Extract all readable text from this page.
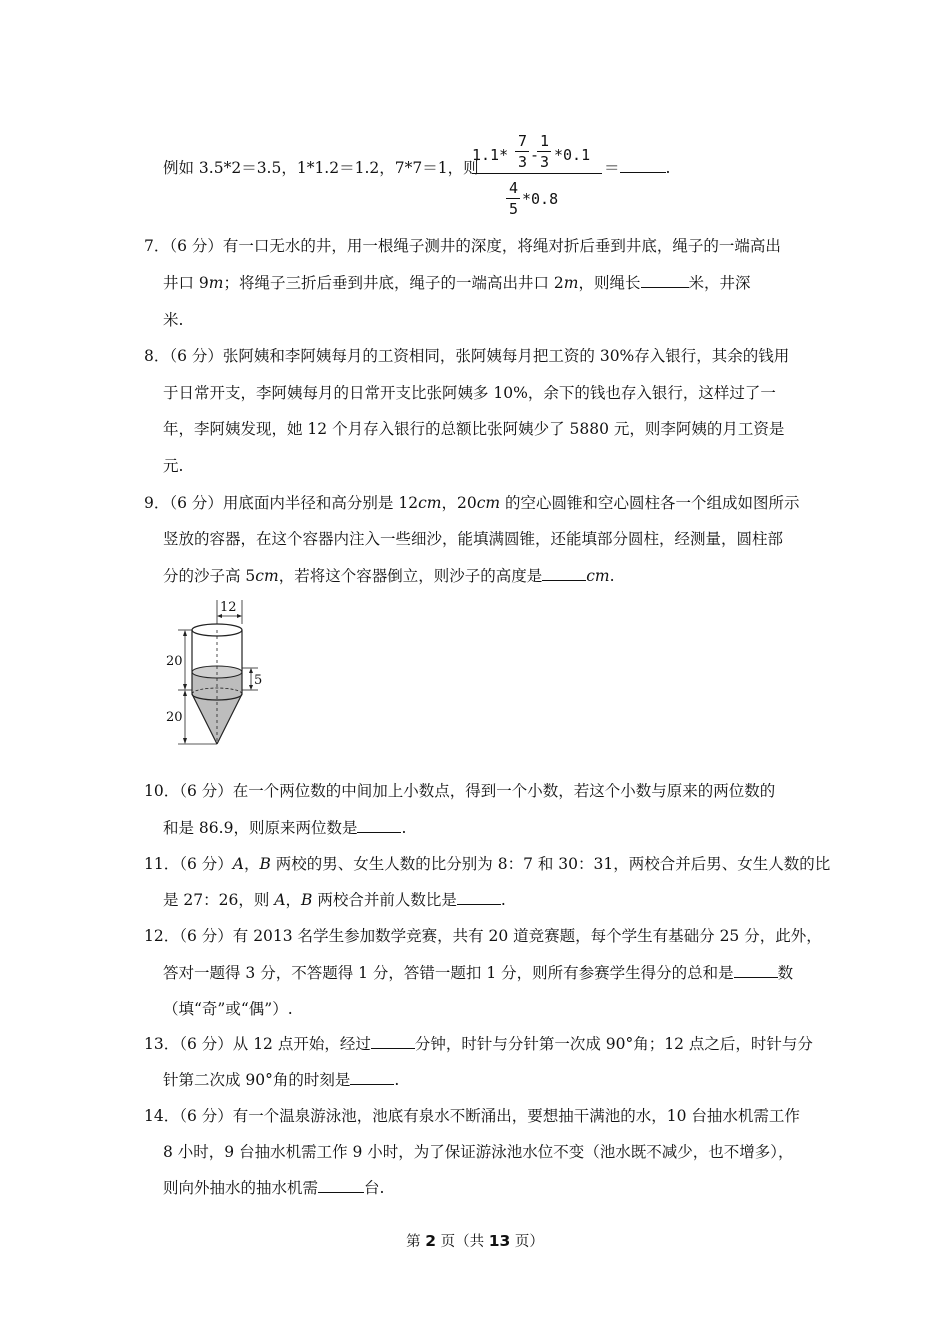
例如 3.5*2＝3.5，1*1.2＝1.2，7*7＝1，则
1.1*
7
3 -
1
3 *0.1
4
5
*0.8
＝	.
7．（6 分）有一口无水的井，用一根绳子测井的深度，将绳对折后垂到井底，绳子的一端高出
井口 9m；将绳子三折后垂到井底，绳子的一端高出井口 2m，则绳长	米，井深
米.
8．（6 分）张阿姨和李阿姨每月的工资相同，张阿姨每月把工资的 30%存入银行，其余的钱用
于日常开支，李阿姨每月的日常开支比张阿姨多 10%，余下的钱也存入银行，这样过了一
年，李阿姨发现，她 12 个月存入银行的总额比张阿姨少了 5880 元，则李阿姨的月工资是
元.
9．（6 分）用底面内半径和高分别是 12cm，20cm 的空心圆锥和空心圆柱各一个组成如图所示
竖放的容器，在这个容器内注入一些细沙，能填满圆锥，还能填部分圆柱，经测量，圆柱部
分的沙子高 5cm，若将这个容器倒立，则沙子的高度是	cm.
12
20
20
5
10．（6 分）在一个两位数的中间加上小数点，得到一个小数，若这个小数与原来的两位数的
和是 86.9，则原来两位数是	.
11．（6 分）A，B 两校的男、女生人数的比分别为 8：7 和 30：31，两校合并后男、女生人数的比
是 27：26，则 A，B 两校合并前人数比是	.
12．（6 分）有 2013 名学生参加数学竞赛，共有 20 道竞赛题，每个学生有基础分 25 分，此外，
答对一题得 3 分，不答题得 1 分，答错一题扣 1 分，则所有参赛学生得分的总和是	数
（填“奇”或“偶”）.
13．（6 分）从 12 点开始，经过	分钟，时针与分针第一次成 90°角；12 点之后，时针与分
针第二次成 90°角的时刻是	.
14．（6 分）有一个温泉游泳池，池底有泉水不断涌出，要想抽干满池的水，10 台抽水机需工作
8 小时，9 台抽水机需工作 9 小时，为了保证游泳池水位不变（池水既不减少，也不增多），
则向外抽水的抽水机需	台.
第 2 页（共 13 页）
